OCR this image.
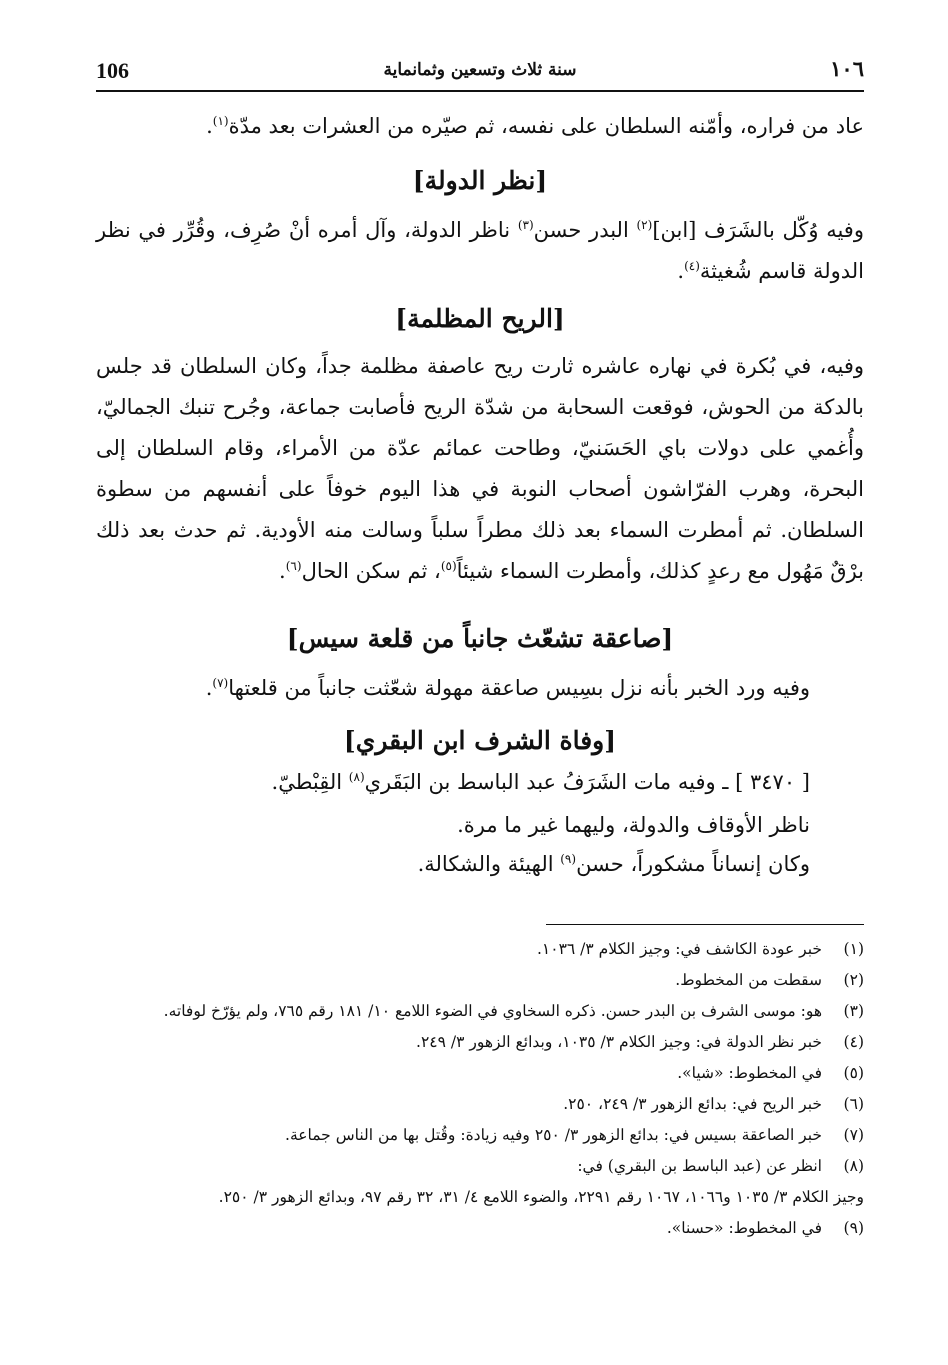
106	سنة ثلاث وتسعين وثمانماية	١٠٦
عاد من فراره، وأمّنه السلطان على نفسه، ثم صيّره من العشرات بعد مدّة$^{(١)}$.
[نظر الدولة]
وفيه وُكّل بالشَرَف [ابن]$^{(٢)}$ البدر حسن$^{(٣)}$ ناظر الدولة، وآل أمره أنْ صُرِف، وقُرِّر في نظر الدولة قاسم شُغيثة$^{(٤)}$.
[الريح المظلمة]
وفيه، في بُكرة في نهاره عاشره ثارت ريح عاصفة مظلمة جداً، وكان السلطان قد جلس بالدكة من الحوش، فوقعت السحابة من شدّة الريح فأصابت جماعة، وجُرح تنبك الجماليّ، وأُغمي على دولات باي الحَسَنيّ، وطاحت عمائم عدّة من الأمراء، وقام السلطان إلى البحرة، وهرب الفرّاشون أصحاب النوبة في هذا اليوم خوفاً على أنفسهم من سطوة السلطان. ثم أمطرت السماء بعد ذلك مطراً سلباً وسالت منه الأودية. ثم حدث بعد ذلك برْقٌ مَهُول مع رعدٍ كذلك، وأمطرت السماء شيئاً$^{(٥)}$، ثم سكن الحال$^{(٦)}$.
[صاعقة تشعّث جانباً من قلعة سيس]
وفيه ورد الخبر بأنه نزل بسِيس صاعقة مهولة شعّثت جانباً من قلعتها$^{(٧)}$.
[وفاة الشرف ابن البقري]
[ ٣٤٧٠ ] ـ وفيه مات الشَرَفُ عبد الباسط بن البَقَري$^{(٨)}$ القِبْطيّ.
ناظر الأوقاف والدولة، وليهما غير ما مرة.
وكان إنساناً مشكوراً، حسن$^{(٩)}$ الهيئة والشكالة.
(١)
خبر عودة الكاشف في: وجيز الكلام ٣/ ١٠٣٦.
(٢)
سقطت من المخطوط.
(٣)
هو: موسى الشرف بن البدر حسن. ذكره السخاوي في الضوء اللامع ١٠/ ١٨١ رقم ٧٦٥، ولم يؤرّخ لوفاته.
(٤)
خبر نظر الدولة في: وجيز الكلام ٣/ ١٠٣٥، وبدائع الزهور ٣/ ٢٤٩.
(٥)
في المخطوط: «شيا».
(٦)
خبر الريح في: بدائع الزهور ٣/ ٢٤٩، ٢٥٠.
(٧)
خبر الصاعقة بسيس في: بدائع الزهور ٣/ ٢٥٠ وفيه زيادة: وقُتل بها من الناس جماعة.
(٨)
انظر عن (عبد الباسط بن البقري) في:
وجيز الكلام ٣/ ١٠٣٥ و١٠٦٦، ١٠٦٧ رقم ٢٢٩١، والضوء اللامع ٤/ ٣١، ٣٢ رقم ٩٧، وبدائع الزهور ٣/ ٢٥٠.
(٩)
في المخطوط: «حسنا».
